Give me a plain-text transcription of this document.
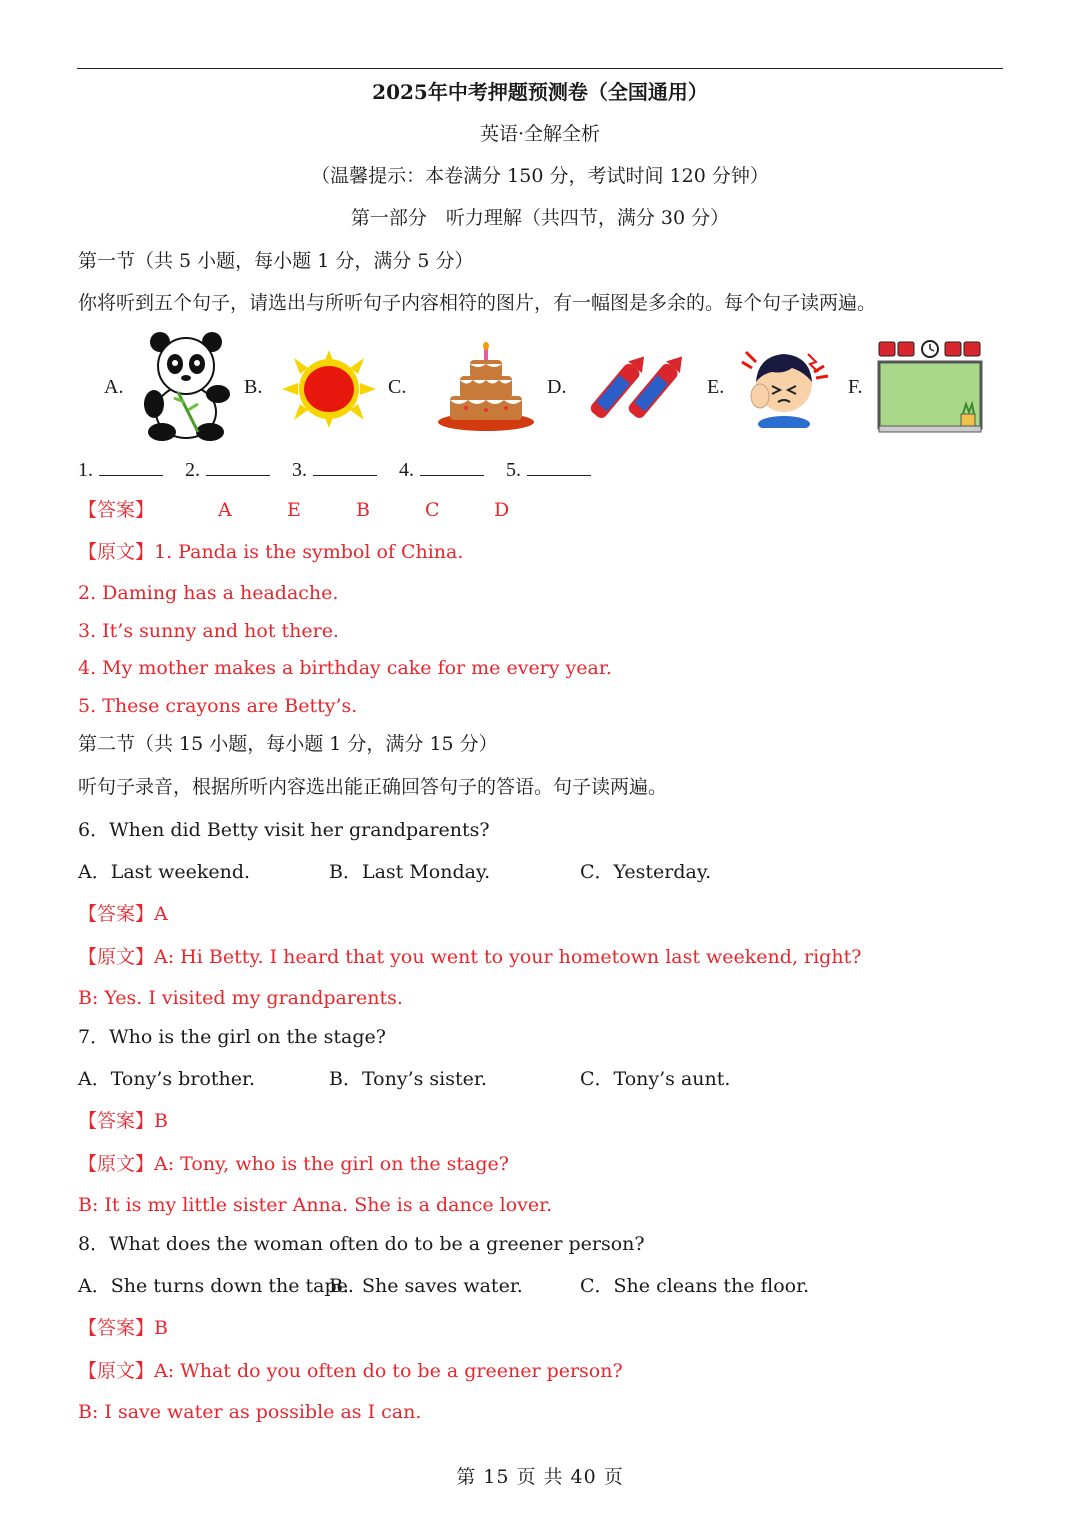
2025年中考押题预测卷（全国通用）
英语·全解全析
（温馨提示：本卷满分 150 分，考试时间 120 分钟）
第一部分　听力理解（共四节，满分 30 分）
第一节（共 5 小题，每小题 1 分，满分 5 分）
你将听到五个句子，请选出与所听句子内容相符的图片，有一幅图是多余的。每个句子读两遍。
A.	B.	C.	D.	E.	F.
1.	2.	3.	4.	5.
【答案】	A	E	B	C	D
【原文】1. Panda is the symbol of China.
2. Daming has a headache.
3. It’s sunny and hot there.
4. My mother makes a birthday cake for me every year.
5. These crayons are Betty’s.
第二节（共 15 小题，每小题 1 分，满分 15 分）
听句子录音，根据所听内容选出能正确回答句子的答语。句子读两遍。
6．When did Betty visit her grandparents?
A．Last weekend.	B．Last Monday.	C．Yesterday.
【答案】A
【原文】A: Hi Betty. I heard that you went to your hometown last weekend, right?
B: Yes. I visited my grandparents.
7．Who is the girl on the stage?
A．Tony’s brother.	B．Tony’s sister.	C．Tony’s aunt.
【答案】B
【原文】A: Tony, who is the girl on the stage?
B: It is my little sister Anna. She is a dance lover.
8．What does the woman often do to be a greener person?
A．She turns down the tape.B．She saves water.	C．She cleans the floor.
【答案】B
【原文】A: What do you often do to be a greener person?
B: I save water as possible as I can.
第 15 页 共 40 页
